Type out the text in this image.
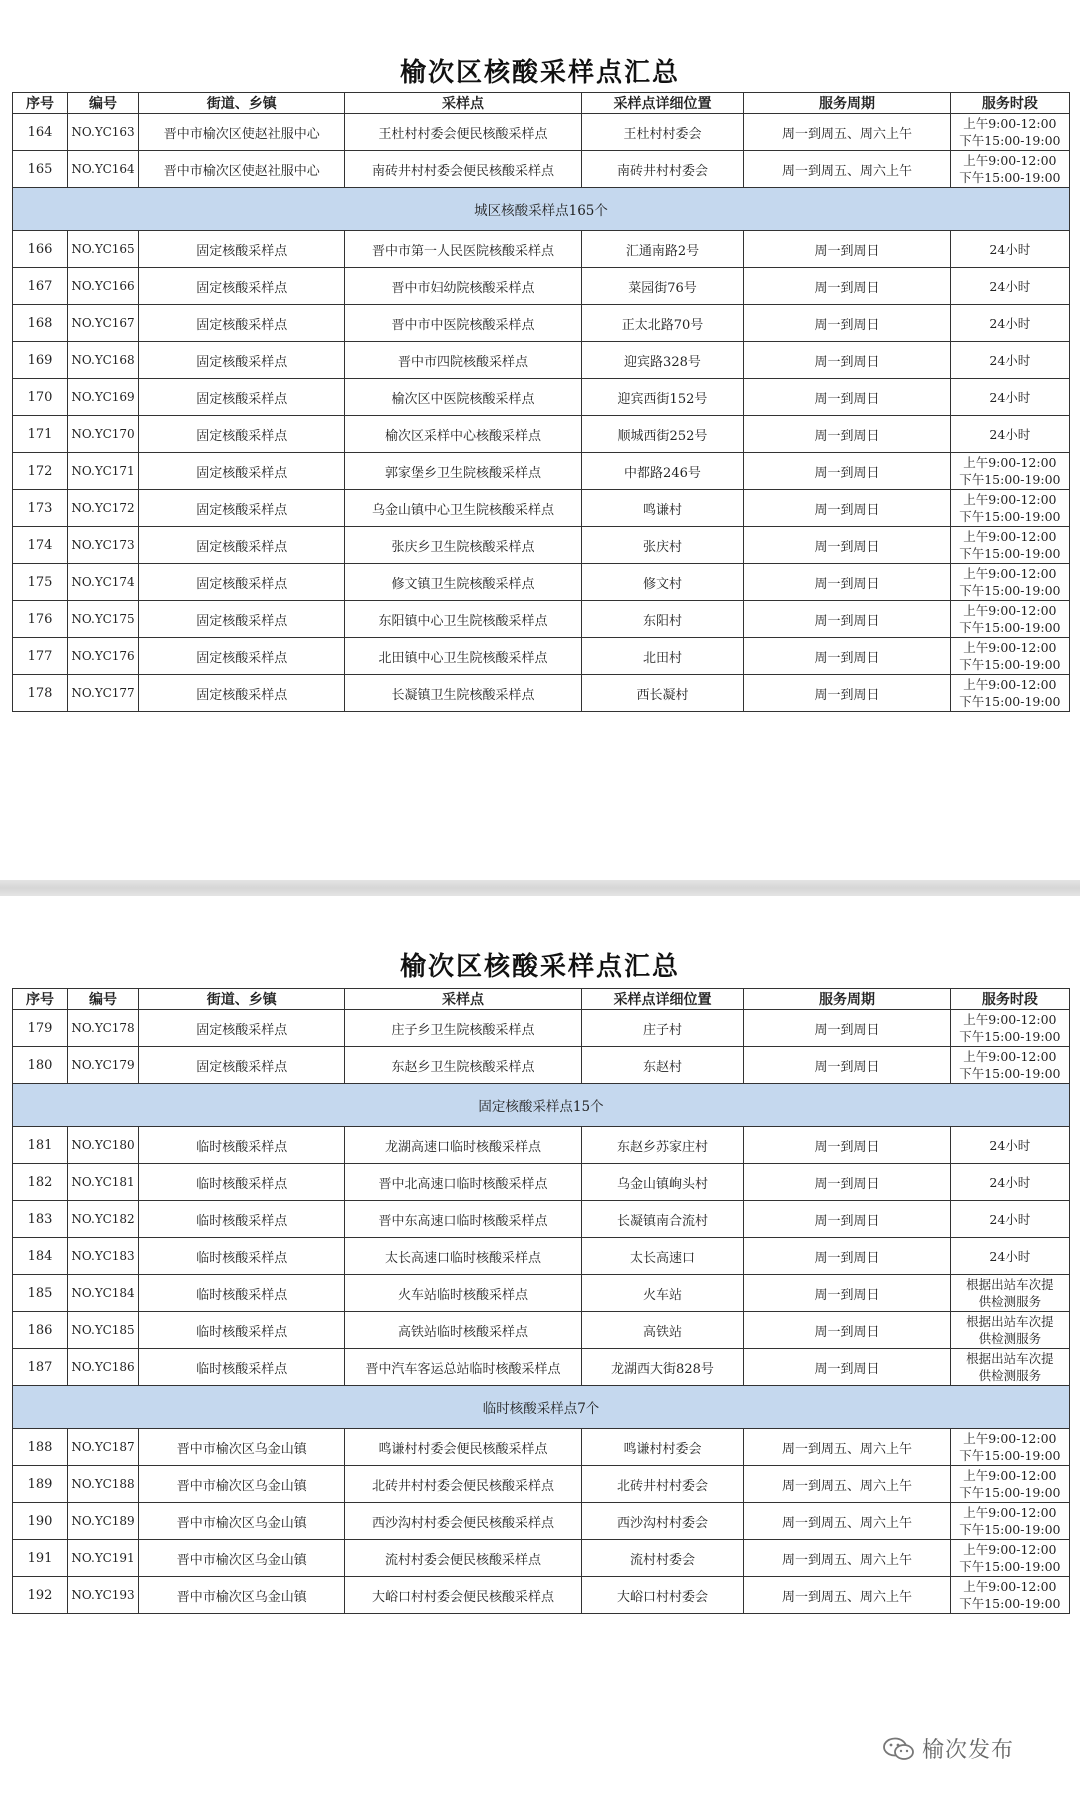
榆次区核酸采样点汇总
序号	编号	街道、乡镇	采样点	采样点详细位置	服务周期	服务时段
164	NO.YC163	晋中市榆次区使赵社服中心	王杜村村委会便民核酸采样点	王杜村村委会	周一到周五、周六上午	上午9:00-12:00
下午15:00-19:00

165	NO.YC164	晋中市榆次区使赵社服中心	南砖井村村委会便民核酸采样点	南砖井村村委会	周一到周五、周六上午	上午9:00-12:00
下午15:00-19:00

城区核酸采样点165个						
166	NO.YC165	固定核酸采样点	晋中市第一人民医院核酸采样点	汇通南路2号	周一到周日	24小时

167	NO.YC166	固定核酸采样点	晋中市妇幼院核酸采样点	菜园街76号	周一到周日	24小时

168	NO.YC167	固定核酸采样点	晋中市中医院核酸采样点	正太北路70号	周一到周日	24小时

169	NO.YC168	固定核酸采样点	晋中市四院核酸采样点	迎宾路328号	周一到周日	24小时

170	NO.YC169	固定核酸采样点	榆次区中医院核酸采样点	迎宾西街152号	周一到周日	24小时

171	NO.YC170	固定核酸采样点	榆次区采样中心核酸采样点	顺城西街252号	周一到周日	24小时

172	NO.YC171	固定核酸采样点	郭家堡乡卫生院核酸采样点	中都路246号	周一到周日	上午9:00-12:00
下午15:00-19:00

173	NO.YC172	固定核酸采样点	乌金山镇中心卫生院核酸采样点	鸣谦村	周一到周日	上午9:00-12:00
下午15:00-19:00

174	NO.YC173	固定核酸采样点	张庆乡卫生院核酸采样点	张庆村	周一到周日	上午9:00-12:00
下午15:00-19:00

175	NO.YC174	固定核酸采样点	修文镇卫生院核酸采样点	修文村	周一到周日	上午9:00-12:00
下午15:00-19:00

176	NO.YC175	固定核酸采样点	东阳镇中心卫生院核酸采样点	东阳村	周一到周日	上午9:00-12:00
下午15:00-19:00

177	NO.YC176	固定核酸采样点	北田镇中心卫生院核酸采样点	北田村	周一到周日	上午9:00-12:00
下午15:00-19:00

178	NO.YC177	固定核酸采样点	长凝镇卫生院核酸采样点	西长凝村	周一到周日	上午9:00-12:00
下午15:00-19:00
榆次区核酸采样点汇总
序号	编号	街道、乡镇	采样点	采样点详细位置	服务周期	服务时段
179	NO.YC178	固定核酸采样点	庄子乡卫生院核酸采样点	庄子村	周一到周日	上午9:00-12:00
下午15:00-19:00

180	NO.YC179	固定核酸采样点	东赵乡卫生院核酸采样点	东赵村	周一到周日	上午9:00-12:00
下午15:00-19:00

固定核酸采样点15个						
181	NO.YC180	临时核酸采样点	龙湖高速口临时核酸采样点	东赵乡苏家庄村	周一到周日	24小时

182	NO.YC181	临时核酸采样点	晋中北高速口临时核酸采样点	乌金山镇峋头村	周一到周日	24小时

183	NO.YC182	临时核酸采样点	晋中东高速口临时核酸采样点	长凝镇南合流村	周一到周日	24小时

184	NO.YC183	临时核酸采样点	太长高速口临时核酸采样点	太长高速口	周一到周日	24小时

185	NO.YC184	临时核酸采样点	火车站临时核酸采样点	火车站	周一到周日	根据出站车次提
供检测服务

186	NO.YC185	临时核酸采样点	高铁站临时核酸采样点	高铁站	周一到周日	根据出站车次提
供检测服务

187	NO.YC186	临时核酸采样点	晋中汽车客运总站临时核酸采样点	龙湖西大街828号	周一到周日	根据出站车次提
供检测服务

临时核酸采样点7个						
188	NO.YC187	晋中市榆次区乌金山镇	鸣谦村村委会便民核酸采样点	鸣谦村村委会	周一到周五、周六上午	上午9:00-12:00
下午15:00-19:00

189	NO.YC188	晋中市榆次区乌金山镇	北砖井村村委会便民核酸采样点	北砖井村村委会	周一到周五、周六上午	上午9:00-12:00
下午15:00-19:00

190	NO.YC189	晋中市榆次区乌金山镇	西沙沟村村委会便民核酸采样点	西沙沟村村委会	周一到周五、周六上午	上午9:00-12:00
下午15:00-19:00

191	NO.YC191	晋中市榆次区乌金山镇	流村村委会便民核酸采样点	流村村委会	周一到周五、周六上午	上午9:00-12:00
下午15:00-19:00

192	NO.YC193	晋中市榆次区乌金山镇	大峪口村村委会便民核酸采样点	大峪口村村委会	周一到周五、周六上午	上午9:00-12:00
下午15:00-19:00
榆次发布
